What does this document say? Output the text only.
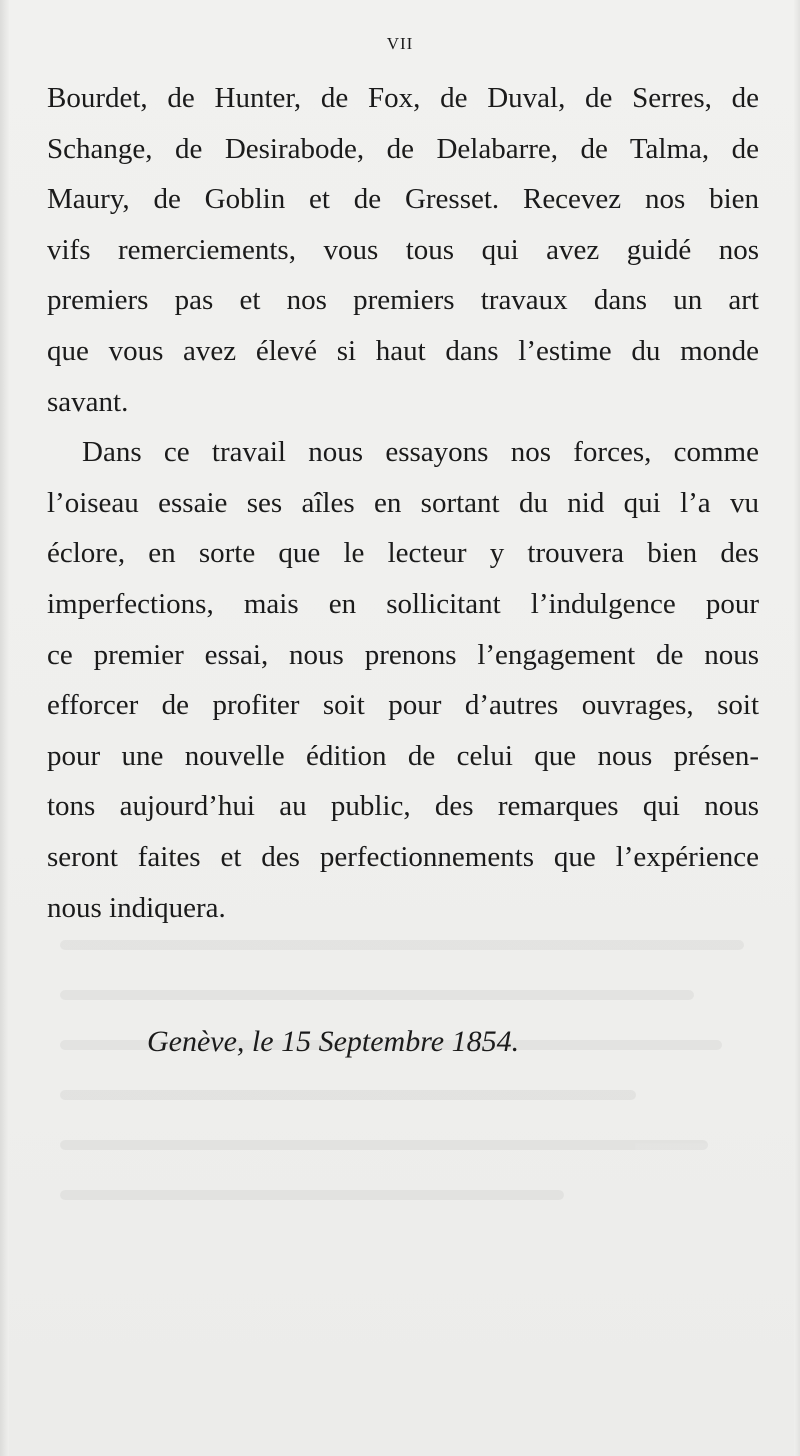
VII
Bourdet, de Hunter, de Fox, de Duval, de Serres, de
Schange, de Desirabode, de Delabarre, de Talma, de
Maury, de Goblin et de Gresset. Recevez nos bien
vifs remerciements, vous tous qui avez guidé nos
premiers pas et nos premiers travaux dans un art
que vous avez élevé si haut dans l’estime du monde
savant.
Dans ce travail nous essayons nos forces, comme
l’oiseau essaie ses aîles en sortant du nid qui l’a vu
éclore, en sorte que le lecteur y trouvera bien des
imperfections, mais en sollicitant l’indulgence pour
ce premier essai, nous prenons l’engagement de nous
efforcer de profiter soit pour d’autres ouvrages, soit
pour une nouvelle édition de celui que nous présen-
tons aujourd’hui au public, des remarques qui nous
seront faites et des perfectionnements que l’expérience
nous indiquera.
Genève, le 15 Septembre 1854.
